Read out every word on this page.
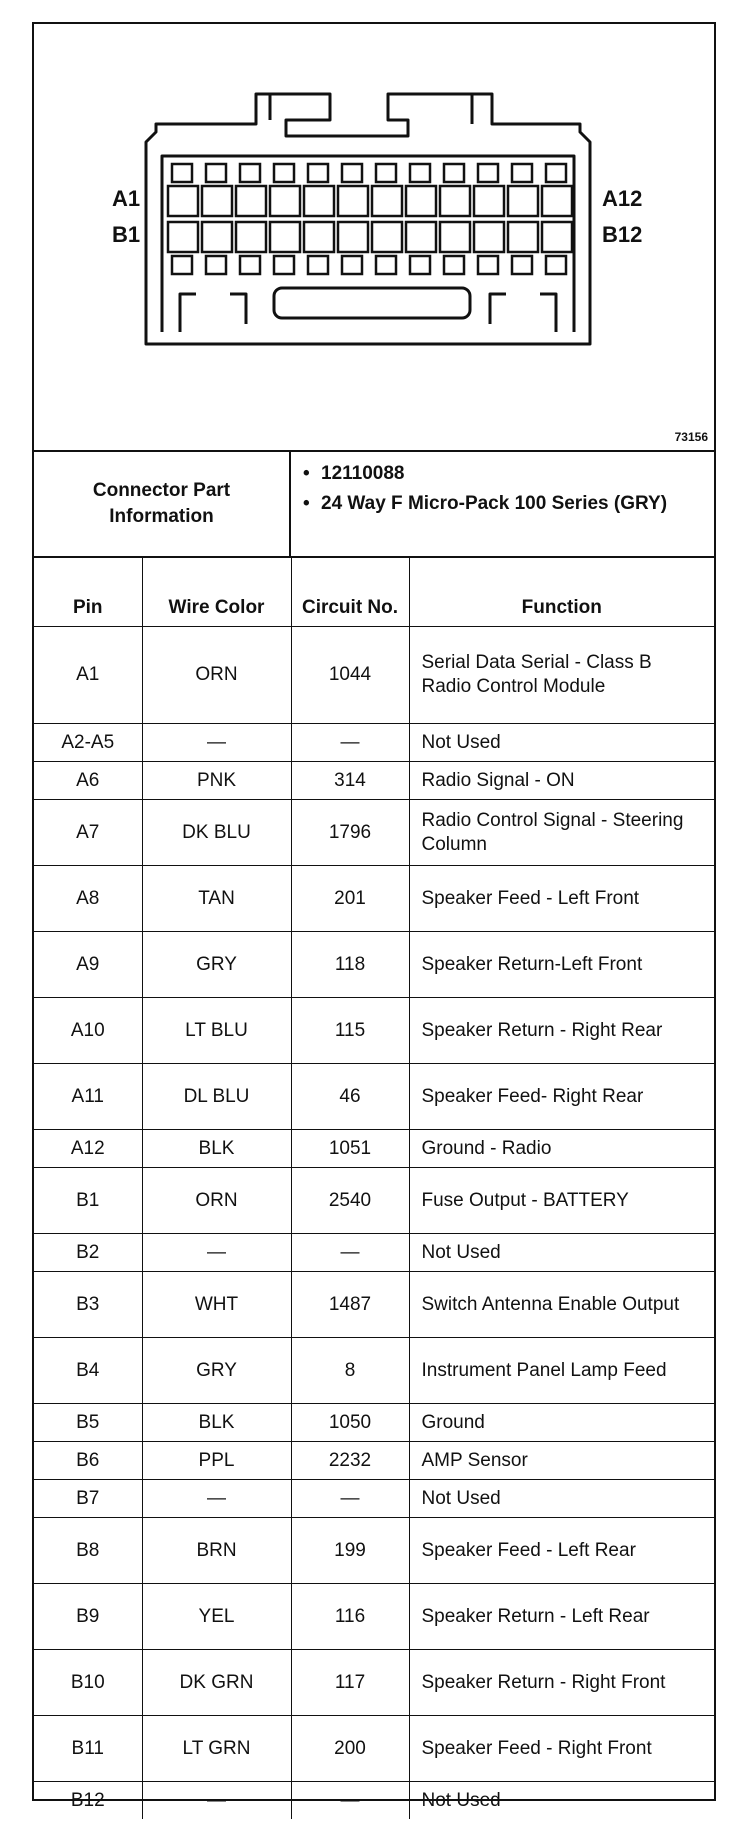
A1
B1
A12
B12
73156
Connector Part Information
• 12110088
• 24 Way F Micro-Pack 100 Series (GRY)
Pin	Wire Color	Circuit No.	Function
A1	ORN	1044	Serial Data Serial - Class B Radio Control Module
A2-A5	—	—	Not Used
A6	PNK	314	Radio Signal - ON
A7	DK BLU	1796	Radio Control Signal - Steering Column
A8	TAN	201	Speaker Feed - Left Front
A9	GRY	118	Speaker Return-Left Front
A10	LT BLU	115	Speaker Return - Right Rear
A11	DL BLU	46	Speaker Feed- Right Rear
A12	BLK	1051	Ground - Radio
B1	ORN	2540	Fuse Output - BATTERY
B2	—	—	Not Used
B3	WHT	1487	Switch Antenna Enable Output
B4	GRY	8	Instrument Panel Lamp Feed
B5	BLK	1050	Ground
B6	PPL	2232	AMP Sensor
B7	—	—	Not Used
B8	BRN	199	Speaker Feed - Left Rear
B9	YEL	116	Speaker Return - Left Rear
B10	DK GRN	117	Speaker Return - Right Front
B11	LT GRN	200	Speaker Feed - Right Front
B12	—	—	Not Used
